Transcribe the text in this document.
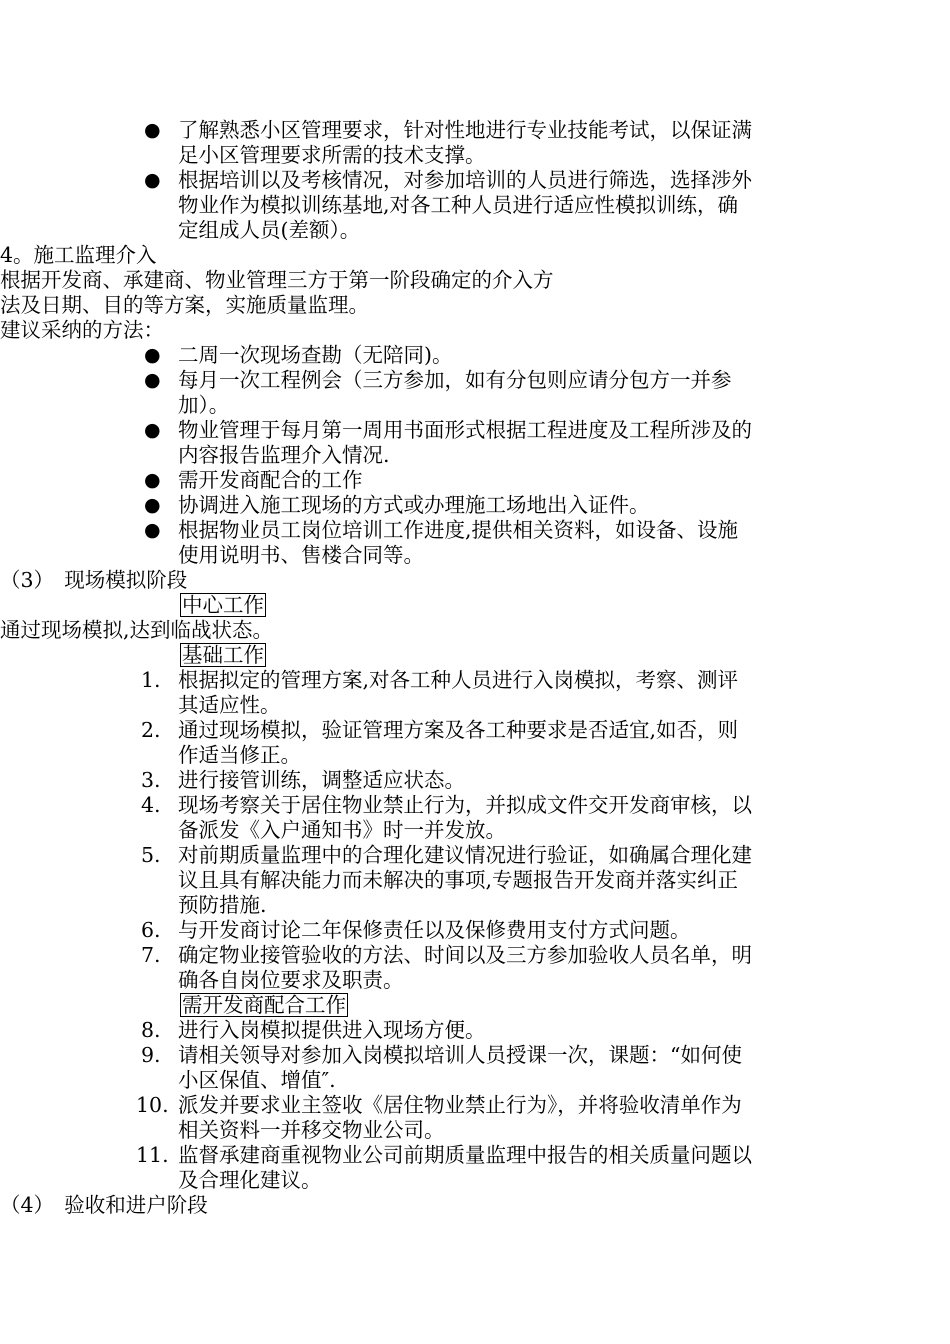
● 了解熟悉小区管理要求，针对性地进行专业技能考试，以保证满
足小区管理要求所需的技术支撑。
● 根据培训以及考核情况，对参加培训的人员进行筛选，选择涉外
物业作为模拟训练基地,对各工种人员进行适应性模拟训练，确
定组成人员(差额）。
4。施工监理介入
根据开发商、承建商、物业管理三方于第一阶段确定的介入方
法及日期、目的等方案，实施质量监理。
建议采纳的方法：
● 二周一次现场查勘（无陪同)。
● 每月一次工程例会（三方参加，如有分包则应请分包方一并参
加）。
● 物业管理于每月第一周用书面形式根据工程进度及工程所涉及的
内容报告监理介入情况.
● 需开发商配合的工作
● 协调进入施工现场的方式或办理施工场地出入证件。
● 根据物业员工岗位培训工作进度,提供相关资料，如设备、设施
使用说明书、售楼合同等。
（3）　现场模拟阶段
中心工作
通过现场模拟,达到临战状态。
基础工作
1. 根据拟定的管理方案,对各工种人员进行入岗模拟，考察、测评
其适应性。
2. 通过现场模拟，验证管理方案及各工种要求是否适宜,如否，则
作适当修正。
3. 进行接管训练，调整适应状态。
4. 现场考察关于居住物业禁止行为，并拟成文件交开发商审核，以
备派发《入户通知书》时一并发放。
5. 对前期质量监理中的合理化建议情况进行验证，如确属合理化建
议且具有解决能力而未解决的事项,专题报告开发商并落实纠正
预防措施.
6. 与开发商讨论二年保修责任以及保修费用支付方式问题。
7. 确定物业接管验收的方法、时间以及三方参加验收人员名单，明
确各自岗位要求及职责。
需开发商配合工作
8. 进行入岗模拟提供进入现场方便。
9. 请相关领导对参加入岗模拟培训人员授课一次，课题：“如何使
小区保值、增值″.
10. 派发并要求业主签收《居住物业禁止行为》，并将验收清单作为
相关资料一并移交物业公司。
11. 监督承建商重视物业公司前期质量监理中报告的相关质量问题以
及合理化建议。
（4）　验收和进户阶段
